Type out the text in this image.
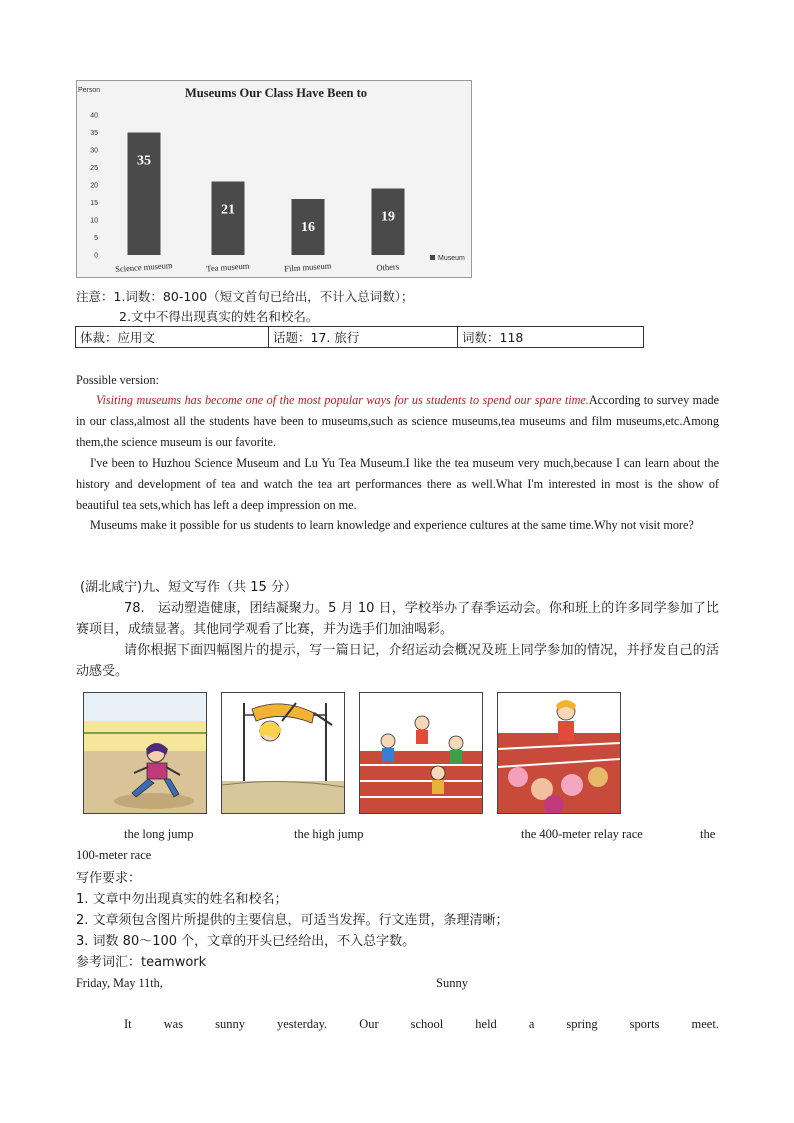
Museums Our Class Have Been to
Person
0
5
10
15
20
25
30
35
40
35
21
16
19
Science museum	Tea museum	Film museum	Others
Museum
注意：1.词数：80-100（短文首句已给出，不计入总词数）；
2.文中不得出现真实的姓名和校名。
体裁：应用文	话题：17. 旅行	词数：118
Possible version:
Visiting museums has become one of the most popular ways for us students to spend our spare time.According to survey made in our class,almost all the students have been to museums,such as science museums,tea museums and film museums,etc.Among them,the science museum is our favorite.
I've been to Huzhou Science Museum and Lu Yu Tea Museum.I like the tea museum very much,because I can learn about the history and development of tea and watch the tea art performances there as well.What I'm interested in most is the show of beautiful tea sets,which has left a deep impression on me.
Museums make it possible for us students to learn knowledge and experience cultures at the same time.Why not visit more?
(湖北咸宁)九、短文写作（共 15 分）
78.　运动塑造健康，团结凝聚力。5 月 10 日，学校举办了春季运动会。你和班上的许多同学参加了比赛项目，成绩显著。其他同学观看了比赛，并为选手们加油喝彩。
请你根据下面四幅图片的提示，写一篇日记，介绍运动会概况及班上同学参加的情况，并抒发自己的活动感受。
the long jump	the high jump	the 400-meter relay race	the
100-meter race
写作要求：
1. 文章中勿出现真实的姓名和校名；
2. 文章须包含图片所提供的主要信息，可适当发挥。行文连贯，条理清晰；
3. 词数 80～100 个，文章的开头已经给出，不入总字数。
参考词汇：teamwork
Friday, May 11th,	Sunny
It	was	sunny	yesterday.	Our	school	held	a	spring	sports	meet.
